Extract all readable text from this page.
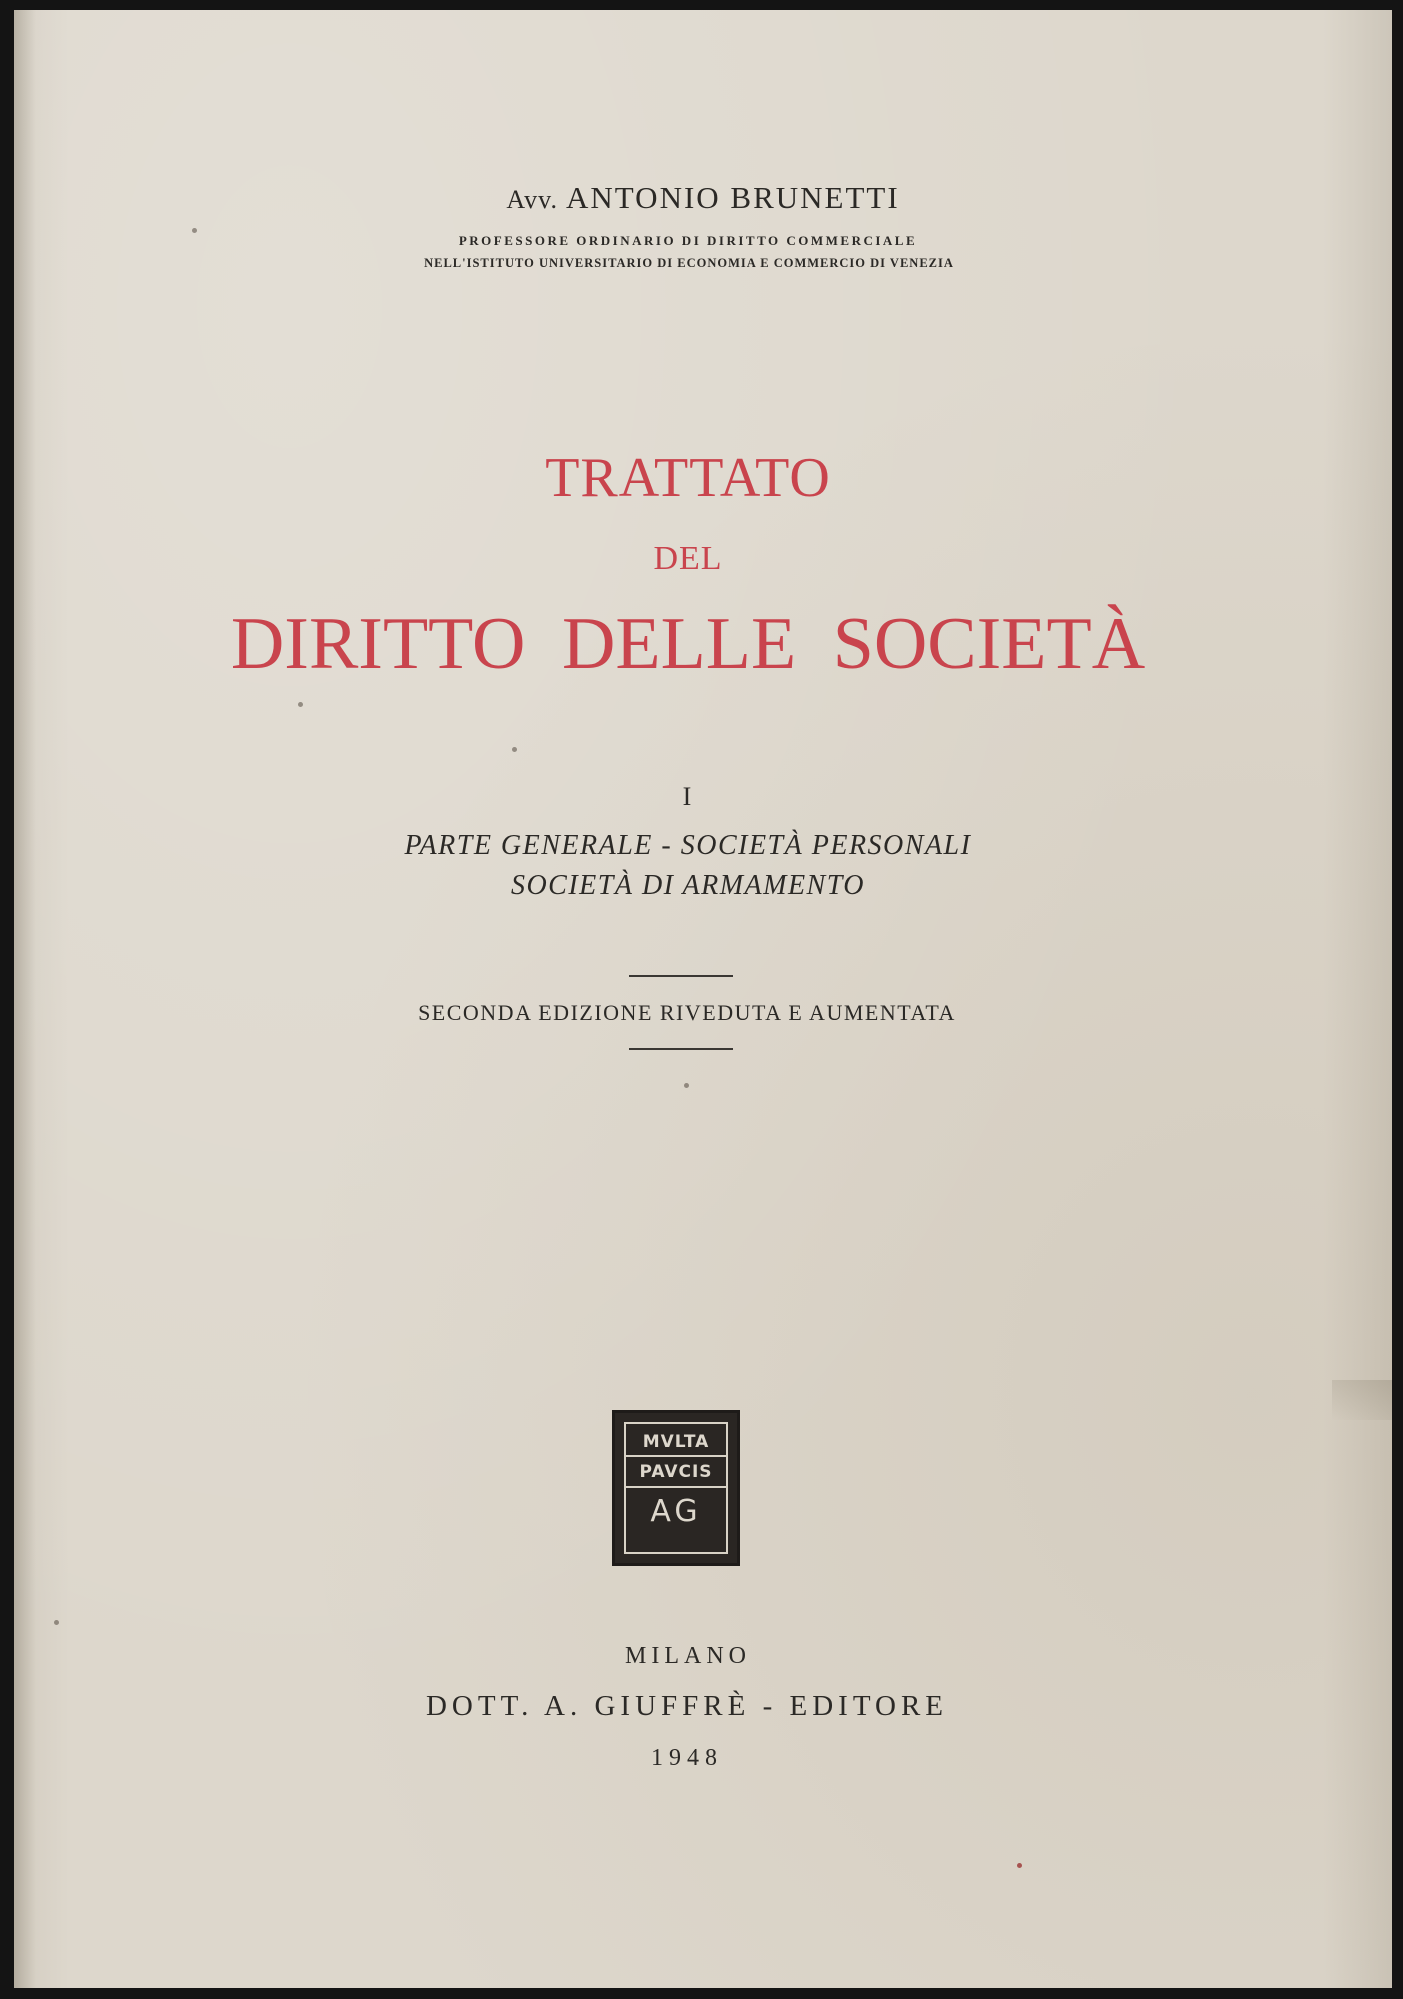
Avv. ANTONIO BRUNETTI
PROFESSORE ORDINARIO DI DIRITTO COMMERCIALE
NELL'ISTITUTO UNIVERSITARIO DI ECONOMIA E COMMERCIO DI VENEZIA
TRATTATO
DEL
DIRITTO DELLE SOCIETÀ
I
PARTE GENERALE - SOCIETÀ PERSONALI
SOCIETÀ DI ARMAMENTO
SECONDA EDIZIONE RIVEDUTA E AUMENTATA
MVLTA
PAVCIS
AG
MILANO
DOTT. A. GIUFFRÈ - EDITORE
1948
